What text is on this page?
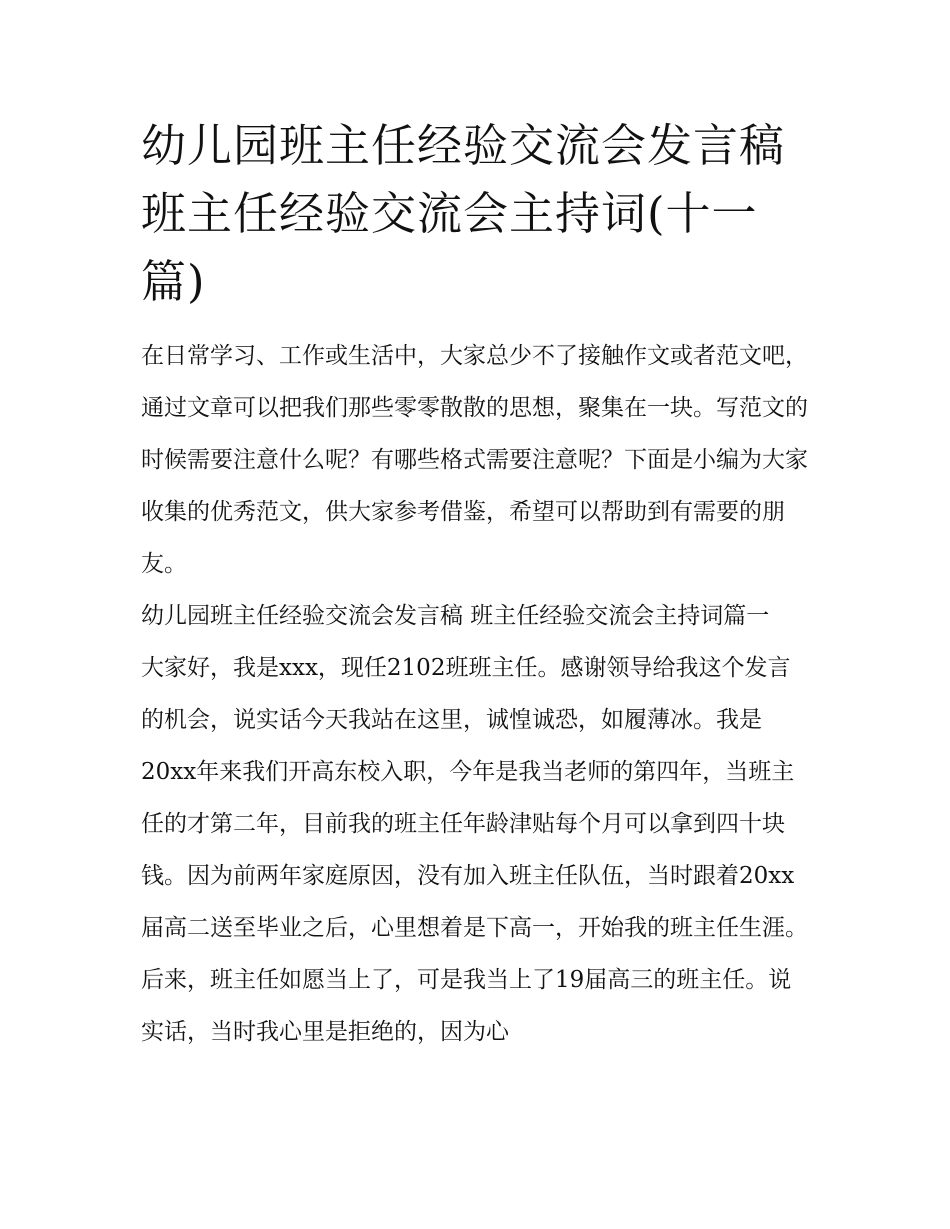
幼儿园班主任经验交流会发言稿 班主任经验交流会主持词(十一篇)

在日常学习、工作或生活中，大家总少不了接触作文或者范文吧，通过文章可以把我们那些零零散散的思想，聚集在一块。写范文的时候需要注意什么呢？有哪些格式需要注意呢？下面是小编为大家收集的优秀范文，供大家参考借鉴，希望可以帮助到有需要的朋友。

幼儿园班主任经验交流会发言稿 班主任经验交流会主持词篇一

大家好，我是xxx，现任2102班班主任。感谢领导给我这个发言的机会，说实话今天我站在这里，诚惶诚恐，如履薄冰。我是20xx年来我们开高东校入职，今年是我当老师的第四年，当班主任的才第二年，目前我的班主任年龄津贴每个月可以拿到四十块钱。因为前两年家庭原因，没有加入班主任队伍，当时跟着20xx届高二送至毕业之后，心里想着是下高一，开始我的班主任生涯。后来，班主任如愿当上了，可是我当上了19届高三的班主任。说实话，当时我心里是拒绝的，因为心
